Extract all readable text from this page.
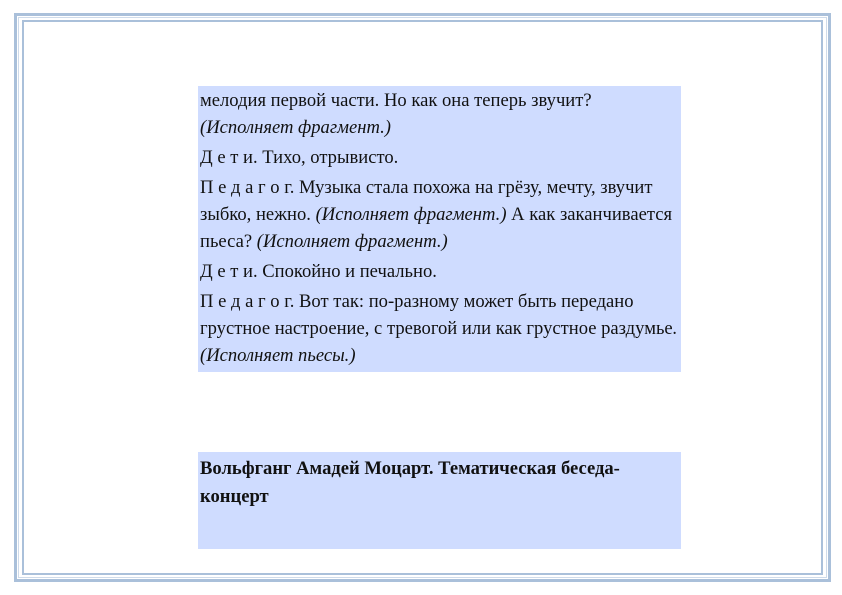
мелодия первой части. Но как она теперь звучит? (Исполняет фрагмент.)

Д е т и. Тихо, отрывисто.

П е д а г о г. Музыка стала похожа на грёзу, мечту, звучит зыбко, нежно. (Исполняет фрагмент.) А как заканчивается пьеса? (Исполняет фрагмент.)

Д е т и. Спокойно и печально.

П е д а г о г. Вот так: по-разному может быть передано грустное настроение, с тревогой или как грустное раздумье. (Исполняет пьесы.)

Вольфганг Амадей Моцарт. Тематическая беседа-концерт
